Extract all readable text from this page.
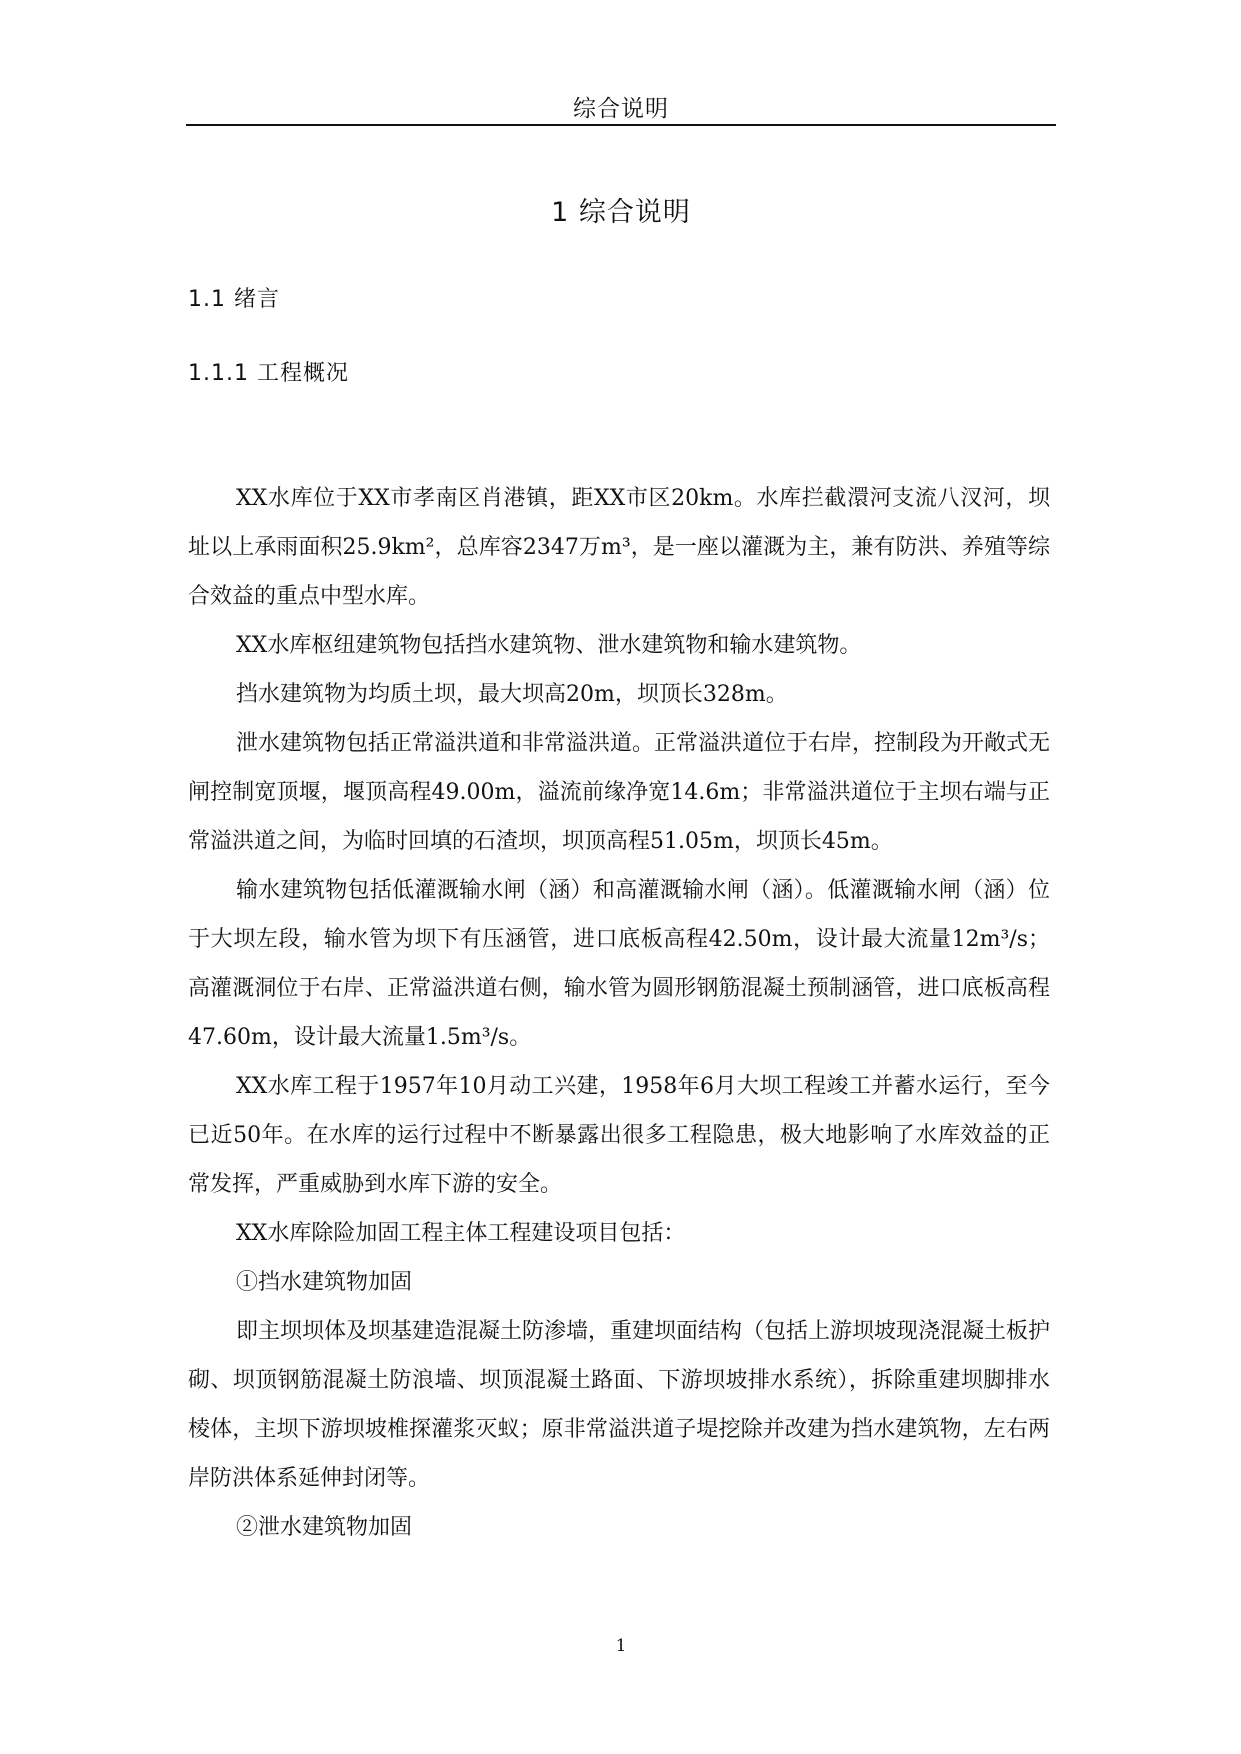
综合说明
1 综合说明
1.1 绪言
1.1.1 工程概况

XX水库位于XX市孝南区肖港镇，距XX市区20km。水库拦截澴河支流八汊河，坝址以上承雨面积25.9km²，总库容2347万m³，是一座以灌溉为主，兼有防洪、养殖等综合效益的重点中型水库。

XX水库枢纽建筑物包括挡水建筑物、泄水建筑物和输水建筑物。

挡水建筑物为均质土坝，最大坝高20m，坝顶长328m。

泄水建筑物包括正常溢洪道和非常溢洪道。正常溢洪道位于右岸，控制段为开敞式无闸控制宽顶堰，堰顶高程49.00m，溢流前缘净宽14.6m；非常溢洪道位于主坝右端与正常溢洪道之间，为临时回填的石渣坝，坝顶高程51.05m，坝顶长45m。

输水建筑物包括低灌溉输水闸（涵）和高灌溉输水闸（涵）。低灌溉输水闸（涵）位于大坝左段，输水管为坝下有压涵管，进口底板高程42.50m，设计最大流量12m³/s；高灌溉洞位于右岸、正常溢洪道右侧，输水管为圆形钢筋混凝土预制涵管，进口底板高程47.60m，设计最大流量1.5m³/s。

XX水库工程于1957年10月动工兴建，1958年6月大坝工程竣工并蓄水运行，至今已近50年。在水库的运行过程中不断暴露出很多工程隐患，极大地影响了水库效益的正常发挥，严重威胁到水库下游的安全。

XX水库除险加固工程主体工程建设项目包括：

①挡水建筑物加固

即主坝坝体及坝基建造混凝土防渗墙，重建坝面结构（包括上游坝坡现浇混凝土板护砌、坝顶钢筋混凝土防浪墙、坝顶混凝土路面、下游坝坡排水系统），拆除重建坝脚排水棱体，主坝下游坝坡椎探灌浆灭蚁；原非常溢洪道子堤挖除并改建为挡水建筑物，左右两岸防洪体系延伸封闭等。

②泄水建筑物加固

1
